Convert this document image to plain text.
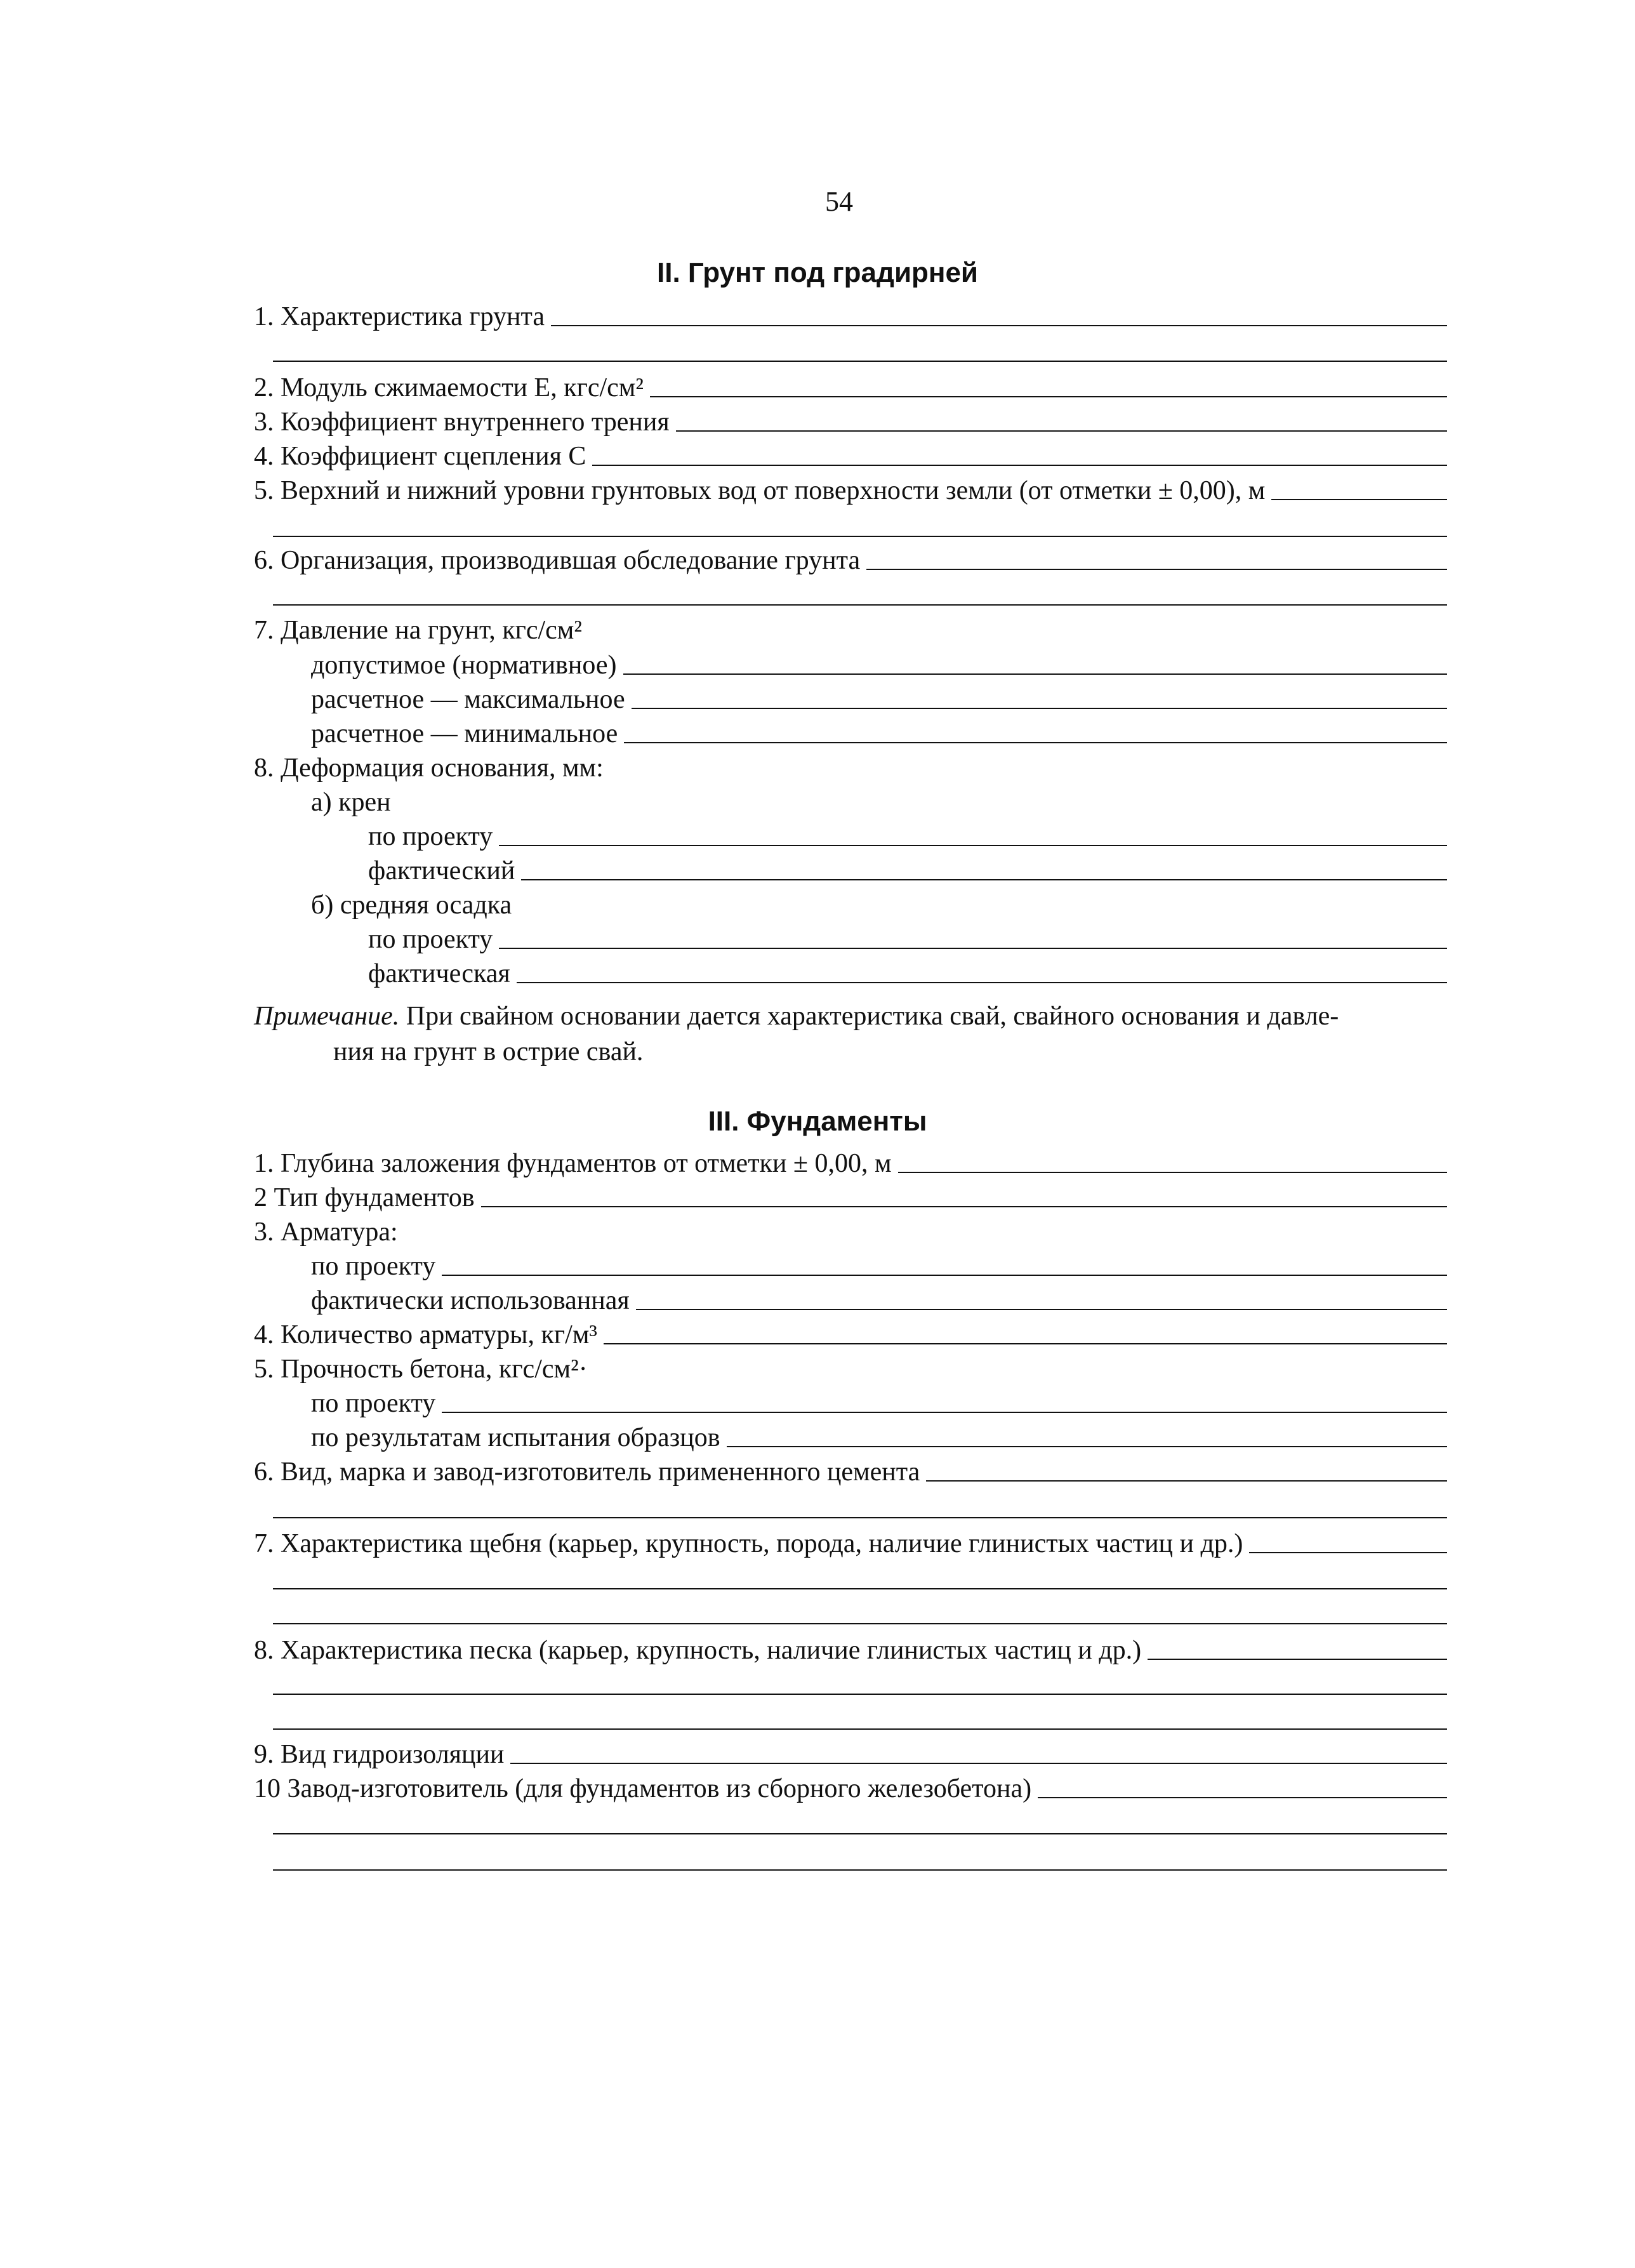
54
II. Грунт под градирней
1. Характеристика грунта
2. Модуль сжимаемости Е, кгс/см²
3. Коэффициент внутреннего трения
4. Коэффициент сцепления С
5. Верхний и нижний уровни грунтовых вод от поверхности земли (от отметки ± 0,00), м
6. Организация, производившая обследование грунта
7. Давление на грунт, кгс/см²
допустимое (нормативное)
расчетное — максимальное
расчетное — минимальное
8. Деформация основания, мм:
а) крен
по проекту
фактический
б) средняя осадка
по проекту
фактическая
Примечание. При свайном основании дается характеристика свай, свайного основания и давле-
ния на грунт в острие свай.
III. Фундаменты
1. Глубина заложения фундаментов от отметки ± 0,00, м
2 Тип фундаментов
3. Арматура:
по проекту
фактически использованная
4. Количество арматуры, кг/м³
5. Прочность бетона, кгс/см²·
по проекту
по результатам испытания образцов
6. Вид, марка и завод-изготовитель примененного цемента
7. Характеристика щебня (карьер, крупность, порода, наличие глинистых частиц и др.)
8. Характеристика песка (карьер, крупность, наличие глинистых частиц и др.)
9. Вид гидроизоляции
10 Завод-изготовитель (для фундаментов из сборного железобетона)
